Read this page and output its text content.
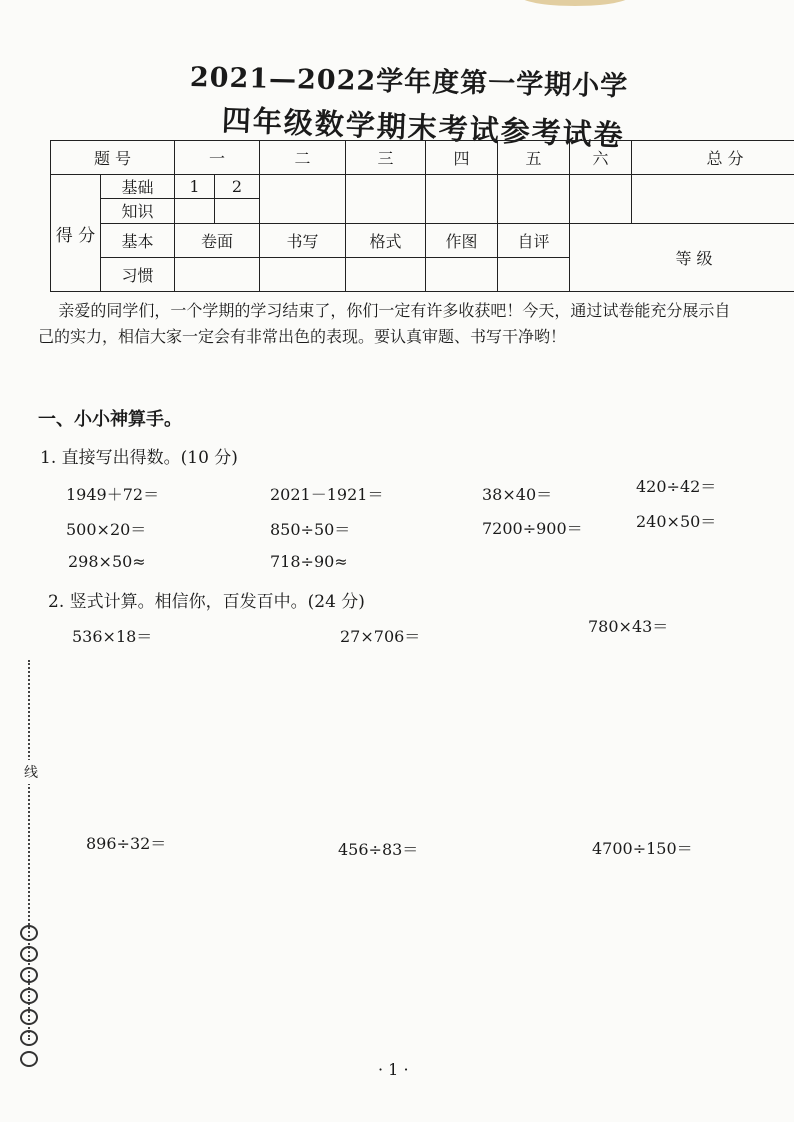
2021—2022学年度第一学期小学
四年级数学期末考试参考试卷
题 号		一		二	三	四	五	六	总 分
得 分	基础	1	2						
	知识								
	基本	卷面		书写	格式	作图	自评	等 级	
	习惯								
亲爱的同学们，一个学期的学习结束了，你们一定有许多收获吧！今天，通过试卷能充分展示自己的实力，相信大家一定会有非常出色的表现。要认真审题、书写干净哟！
一、小小神算手。
1. 直接写出得数。(10 分)
1949＋72＝	2021－1921＝	38×40＝	420÷42＝
500×20＝	850÷50＝	7200÷900＝	240×50＝
298×50≈	718÷90≈
2. 竖式计算。相信你，百发百中。(24 分)
536×18＝	27×706＝
780×43＝
896÷32＝	456÷83＝	4700÷150＝
线
· 1 ·
